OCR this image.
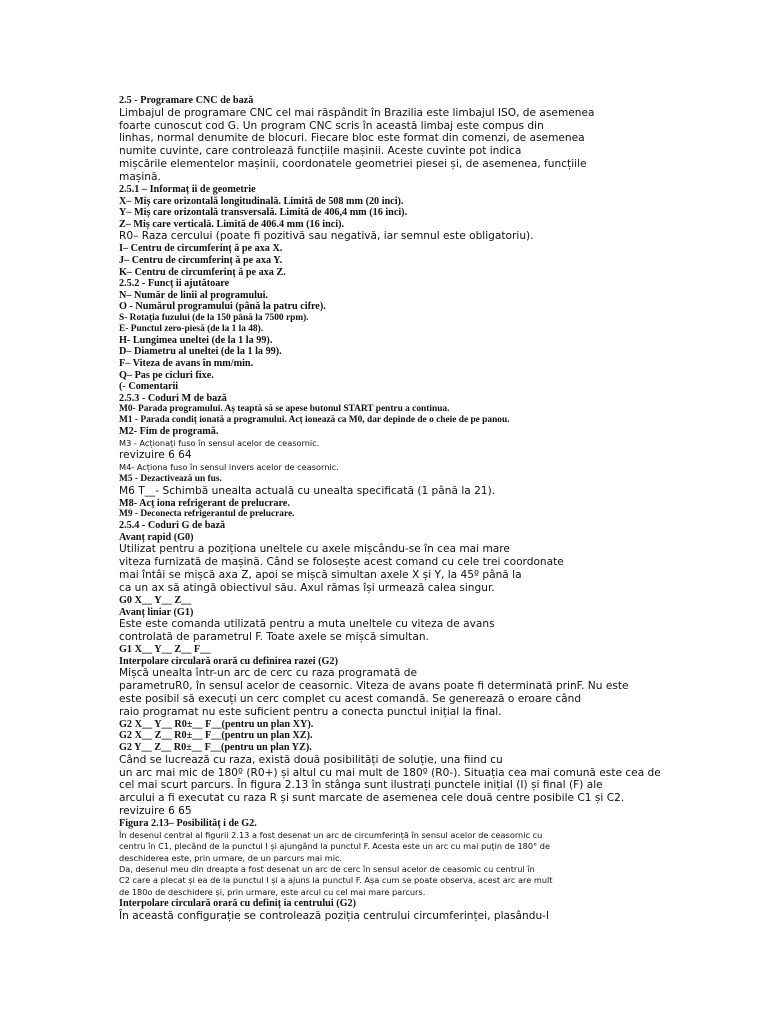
2.5 - Programare CNC de bază
Limbajul de programare CNC cel mai răspândit în Brazilia este limbajul ISO, de asemenea
foarte cunoscut cod G. Un program CNC scris în această limbaj este compus din
linhas, normal denumite de blocuri. Fiecare bloc este format din comenzi, de asemenea
numite cuvinte, care controlează funcțiile mașinii. Aceste cuvinte pot indica
mișcările elementelor mașinii, coordonatele geometriei piesei și, de asemenea, funcțiile
mașină.
2.5.1 – Informaț ii de geometrie
X– Miș care orizontală longitudinală. Limită de 508 mm (20 inci).
Y– Miș care orizontală transversală. Limită de 406,4 mm (16 inci).
Z– Miș care verticală. Limită de 406.4 mm (16 inci).
R0– Raza cercului (poate fi pozitivă sau negativă, iar semnul este obligatoriu).
I– Centru de circumferinț ă pe axa X.
J– Centru de circumferinț ă pe axa Y.
K– Centru de circumferinț ă pe axa Z.
2.5.2 - Funcț ii ajutătoare
N– Număr de linii al programului.
O - Numărul programului (până la patru cifre).
S- Rotația fuzului (de la 150 până la 7500 rpm).
E- Punctul zero-piesă (de la 1 la 48).
H- Lungimea uneltei (de la 1 la 99).
D– Diametru al uneltei (de la 1 la 99).
F– Viteza de avans în mm/min.
Q– Pas pe cicluri fixe.
(- Comentarii
2.5.3 - Coduri M de bază
M0- Parada programului. Aș teaptă să se apese butonul START pentru a continua.
M1 - Parada condiț ionată a programului. Acț ionează ca M0, dar depinde de o cheie de pe panou.
M2- Fim de programă.
M3 - Acționați fuso în sensul acelor de ceasornic.
revizuire 6 64
M4- Acționa fuso în sensul invers acelor de ceasornic.
M5 - Dezactivează un fus.
M6 T__- Schimbă unealta actuală cu unealta specificată (1 până la 21).
M8- Acț iona refrigerant de prelucrare.
M9 - Deconecta refrigerantul de prelucrare.
2.5.4 - Coduri G de bază
Avanț rapid (G0)
Utilizat pentru a poziționa uneltele cu axele mișcându-se în cea mai mare
viteza furnizată de mașină. Când se folosește acest comand cu cele trei coordonate
mai întâi se mișcă axa Z, apoi se mișcă simultan axele X și Y, la 45º până la
ca un ax să atingă obiectivul său. Axul rămas își urmează calea singur.
G0 X__ Y__ Z__
Avanț liniar (G1)
Este este comanda utilizată pentru a muta uneltele cu viteza de avans
controlată de parametrul F. Toate axele se mișcă simultan.
G1 X__ Y__ Z__ F__
Interpolare circulară orară cu definirea razei (G2)
Mișcă unealta într-un arc de cerc cu raza programată de
parametruR0, în sensul acelor de ceasornic. Viteza de avans poate fi determinată prinF. Nu este
este posibil să execuți un cerc complet cu acest comandă. Se generează o eroare când
raio programat nu este suficient pentru a conecta punctul inițial la final.
G2 X__ Y__ R0±__ F__(pentru un plan XY).
G2 X__ Z__ R0±__ F__(pentru un plan XZ).
G2 Y__ Z__ R0±__ F__(pentru un plan YZ).
Când se lucrează cu raza, există două posibilități de soluție, una fiind cu
un arc mai mic de 180º (R0+) și altul cu mai mult de 180º (R0-). Situația cea mai comună este cea de
cel mai scurt parcurs. În figura 2.13 în stânga sunt ilustrați punctele inițial (I) și final (F) ale
arcului a fi executat cu raza R și sunt marcate de asemenea cele două centre posibile C1 și C2.
revizuire 6 65
Figura 2.13– Posibilităț i de G2.
În desenul central al figurii 2.13 a fost desenat un arc de circumferință în sensul acelor de ceasornic cu
centru în C1, plecând de la punctul I și ajungând la punctul F. Acesta este un arc cu mai puțin de 180° de
deschiderea este, prin urmare, de un parcurs mai mic.
Da, desenul meu din dreapta a fost desenat un arc de cerc în sensul acelor de ceasomic cu centrul în
C2 care a plecat și ea de la punctul I și a ajuns la punctul F. Așa cum se poate observa, acest arc are mult
de 180o de deschidere și, prin urmare, este arcul cu cel mai mare parcurs.
Interpolare circulară orară cu definiț ia centrului (G2)
În această configurație se controlează poziția centrului circumferinței, plasându-l
